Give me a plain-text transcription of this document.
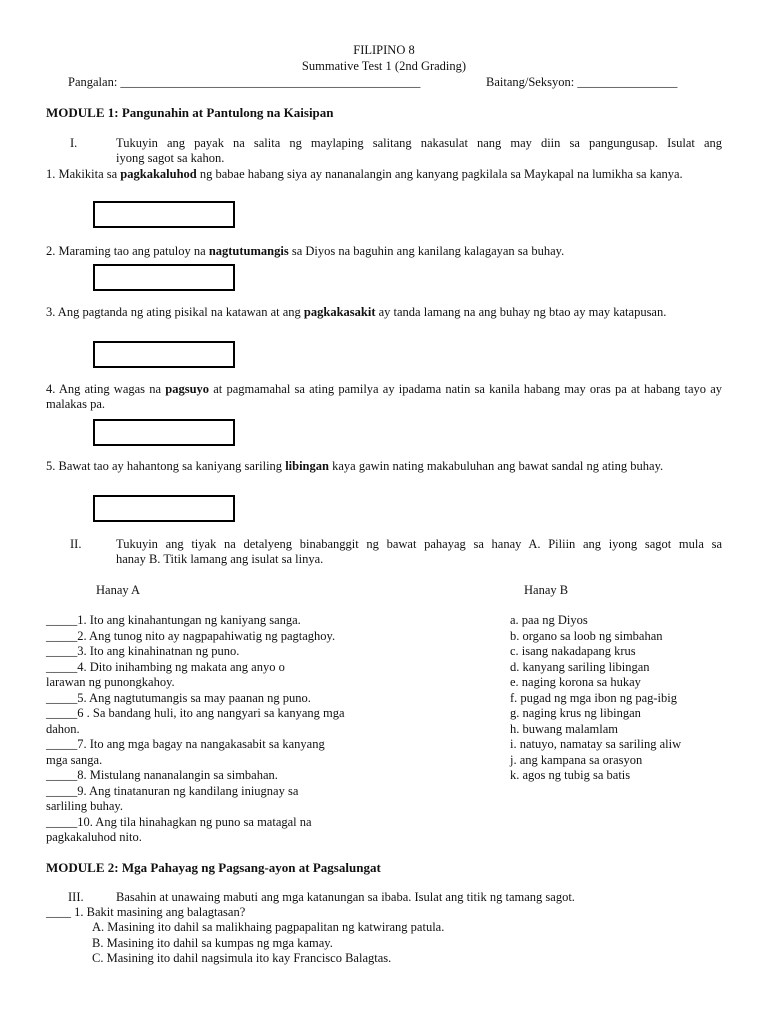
FILIPINO 8
Summative Test 1 (2nd Grading)
Pangalan: ________________________________________________	Baitang/Seksyon: ________________
MODULE 1: Pangunahin at Pantulong na Kaisipan
I.	Tukuyin ang payak na salita ng maylaping salitang nakasulat nang may diin sa pangungusap. Isulat ang
iyong sagot sa kahon.
1. Makikita sa pagkakaluhod ng babae habang siya ay nananalangin ang kanyang pagkilala sa Maykapal na lumikha sa kanya.
2. Maraming tao ang patuloy na nagtutumangis sa Diyos na baguhin ang kanilang kalagayan sa buhay.
3. Ang pagtanda ng ating pisikal na katawan at ang pagkakasakit ay tanda lamang na ang buhay ng btao ay may katapusan.
4. Ang ating wagas na pagsuyo at pagmamahal sa ating pamilya ay ipadama natin sa kanila habang may oras pa at habang tayo ay malakas pa.
5. Bawat tao ay hahantong sa kaniyang sariling libingan kaya gawin nating makabuluhan ang bawat sandal ng ating buhay.
II.	Tukuyin ang tiyak na detalyeng binabanggit ng bawat pahayag sa hanay A. Piliin ang iyong sagot mula sa
hanay B. Titik lamang ang isulat sa linya.
Hanay A	Hanay B
_____1. Ito ang kinahantungan ng kaniyang sanga.
_____2. Ang tunog nito ay nagpapahiwatig ng pagtaghoy.
_____3. Ito ang kinahinatnan ng puno.
_____4. Dito inihambing ng makata ang anyo o
larawan ng punongkahoy.
_____5. Ang nagtutumangis sa may paanan ng puno.
_____6 . Sa bandang huli, ito ang nangyari sa kanyang mga
dahon.
_____7. Ito ang mga bagay na nangakasabit sa kanyang
mga sanga.
_____8. Mistulang nananalangin sa simbahan.
_____9. Ang tinatanuran ng kandilang iniugnay sa
sarliling buhay.
_____10. Ang tila hinahagkan ng puno sa matagal na
pagkakaluhod nito.
a. paa ng Diyos
b. organo sa loob ng simbahan
c. isang nakadapang krus
d. kanyang sariling libingan
e. naging korona sa hukay
f. pugad ng mga ibon ng pag-ibig
g. naging krus ng libingan
h. buwang malamlam
i. natuyo, namatay sa sariling aliw
j. ang kampana sa orasyon
k. agos ng tubig sa batis
MODULE 2: Mga Pahayag ng Pagsang-ayon at Pagsalungat
III.	Basahin at unawaing mabuti ang mga katanungan sa ibaba. Isulat ang titik ng tamang sagot.
____ 1. Bakit masining ang balagtasan?
A. Masining ito dahil sa malikhaing pagpapalitan ng katwirang patula.
B. Masining ito dahil sa kumpas ng mga kamay.
C. Masining ito dahil nagsimula ito kay Francisco Balagtas.
